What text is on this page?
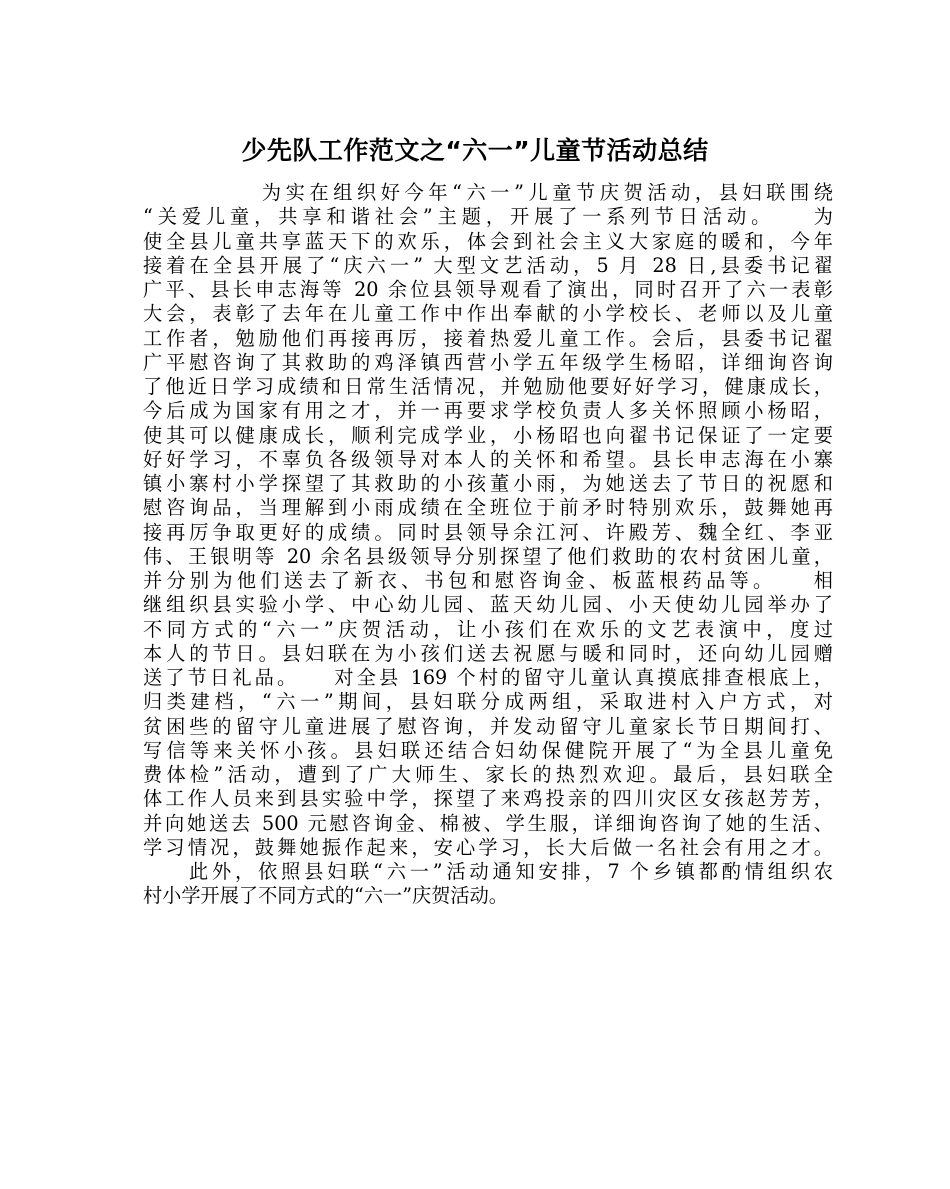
少先队工作范文之“六一”儿童节活动总结
　　　　　为实在组织好今年“六一”儿童节庆贺活动，县妇联围绕
“关爱儿童，共享和谐社会”主题，开展了一系列节日活动。　　为
使全县儿童共享蓝天下的欢乐，体会到社会主义大家庭的暖和，今年
接着在全县开展了“庆六一” 大型文艺活动，5 月 28 日,县委书记翟
广平、县长申志海等 20 余位县领导观看了演出，同时召开了六一表彰
大会，表彰了去年在儿童工作中作出奉献的小学校长、老师以及儿童
工作者，勉励他们再接再厉，接着热爱儿童工作。会后，县委书记翟
广平慰咨询了其救助的鸡泽镇西营小学五年级学生杨昭，详细询咨询
了他近日学习成绩和日常生活情况，并勉励他要好好学习，健康成长，
今后成为国家有用之才，并一再要求学校负责人多关怀照顾小杨昭，
使其可以健康成长，顺利完成学业，小杨昭也向翟书记保证了一定要
好好学习，不辜负各级领导对本人的关怀和希望。县长申志海在小寨
镇小寨村小学探望了其救助的小孩董小雨，为她送去了节日的祝愿和
慰咨询品，当理解到小雨成绩在全班位于前矛时特别欢乐，鼓舞她再
接再厉争取更好的成绩。同时县领导余江河、许殿芳、魏全红、李亚
伟、王银明等 20 余名县级领导分别探望了他们救助的农村贫困儿童，
并分别为他们送去了新衣、书包和慰咨询金、板蓝根药品等。　　相
继组织县实验小学、中心幼儿园、蓝天幼儿园、小天使幼儿园举办了
不同方式的“六一”庆贺活动，让小孩们在欢乐的文艺表演中，度过
本人的节日。县妇联在为小孩们送去祝愿与暖和同时，还向幼儿园赠
送了节日礼品。　　对全县 169 个村的留守儿童认真摸底排查根底上，
归类建档，“六一”期间，县妇联分成两组，采取进村入户方式，对
贫困些的留守儿童进展了慰咨询，并发动留守儿童家长节日期间打、
写信等来关怀小孩。县妇联还结合妇幼保健院开展了“为全县儿童免
费体检”活动，遭到了广大师生、家长的热烈欢迎。最后，县妇联全
体工作人员来到县实验中学，探望了来鸡投亲的四川灾区女孩赵芳芳，
并向她送去 500 元慰咨询金、棉被、学生服，详细询咨询了她的生活、
学习情况，鼓舞她振作起来，安心学习，长大后做一名社会有用之才。
　　此外，依照县妇联“六一”活动通知安排，7 个乡镇都酌情组织农
村小学开展了不同方式的“六一”庆贺活动。
